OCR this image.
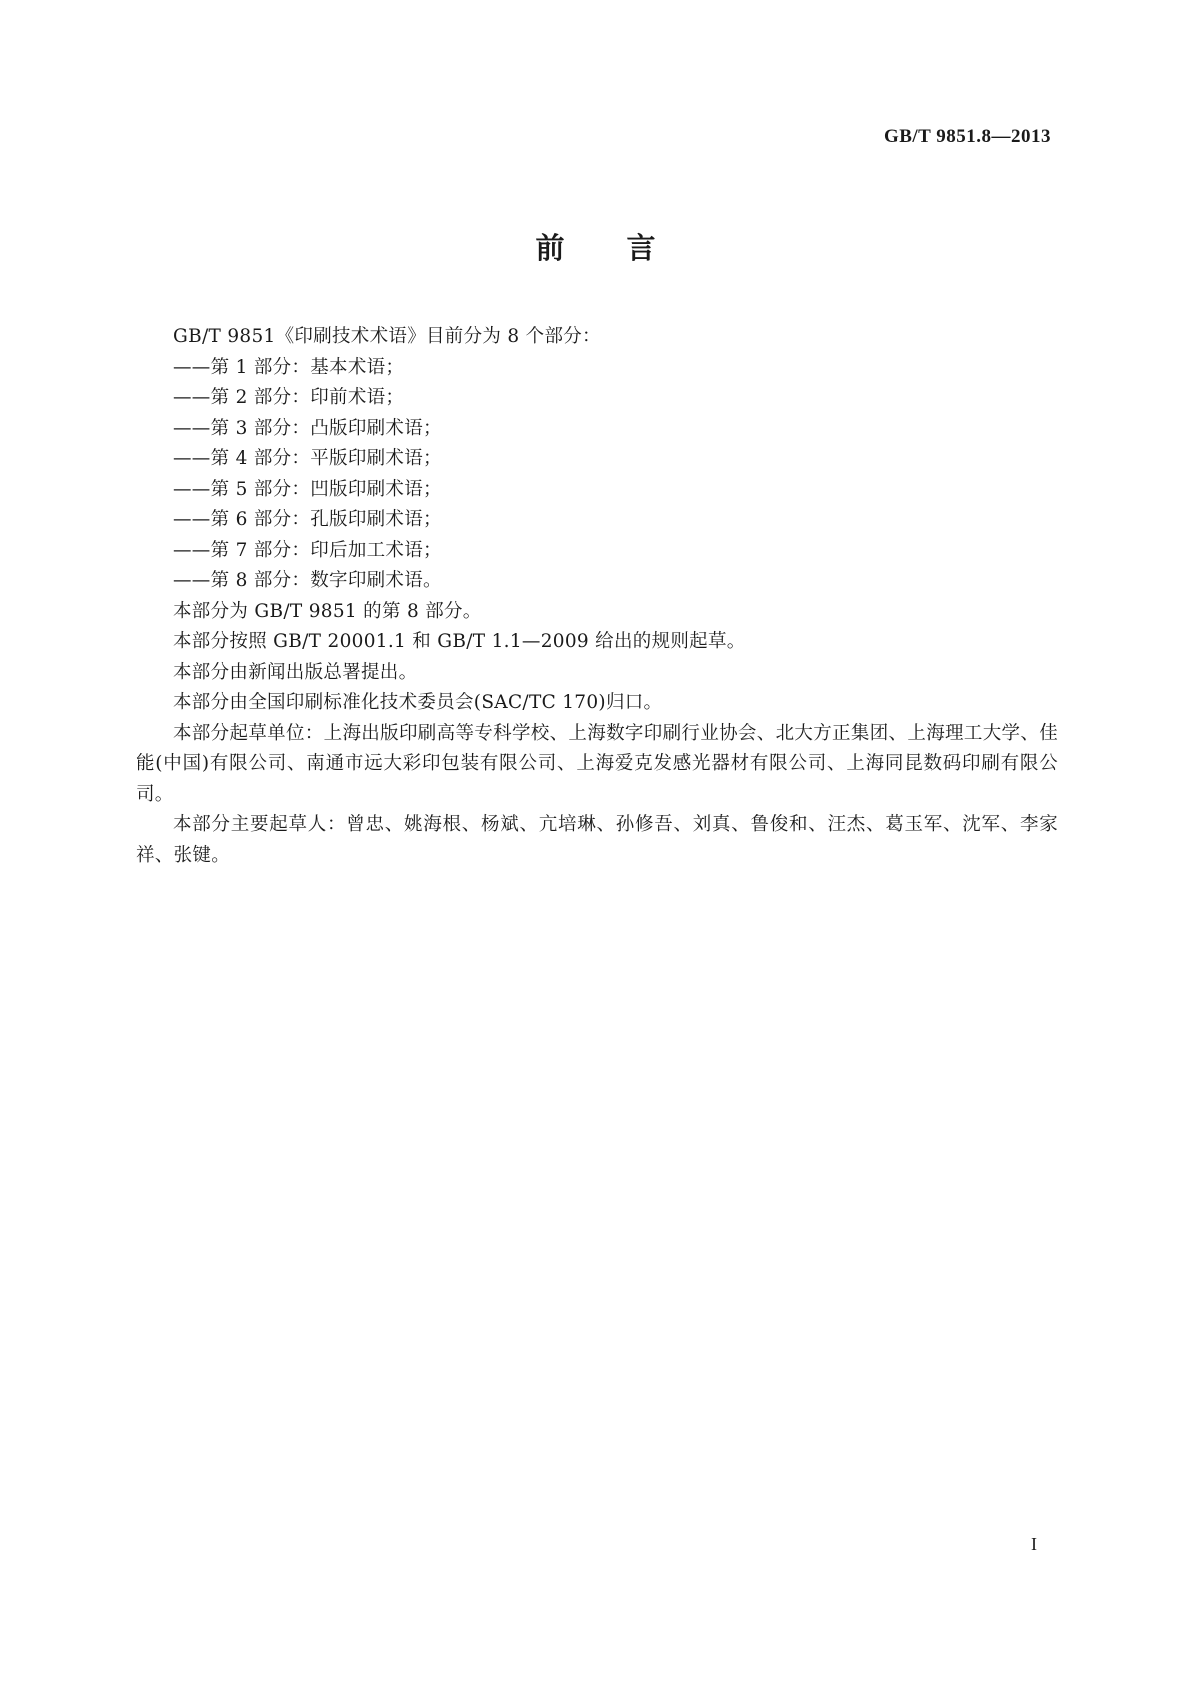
GB/T 9851.8—2013
前言

GB/T 9851《印刷技术术语》目前分为 8 个部分：

——第 1 部分：基本术语；

——第 2 部分：印前术语；

——第 3 部分：凸版印刷术语；

——第 4 部分：平版印刷术语；

——第 5 部分：凹版印刷术语；

——第 6 部分：孔版印刷术语；

——第 7 部分：印后加工术语；

——第 8 部分：数字印刷术语。

本部分为 GB/T 9851 的第 8 部分。

本部分按照 GB/T 20001.1 和 GB/T 1.1—2009 给出的规则起草。

本部分由新闻出版总署提出。

本部分由全国印刷标准化技术委员会(SAC/TC 170)归口。

本部分起草单位：上海出版印刷高等专科学校、上海数字印刷行业协会、北大方正集团、上海理工大学、佳能(中国)有限公司、南通市远大彩印包装有限公司、上海爱克发感光器材有限公司、上海同昆数码印刷有限公司。

本部分主要起草人：曾忠、姚海根、杨斌、亢培琳、孙修吾、刘真、鲁俊和、汪杰、葛玉军、沈军、李家祥、张键。

I
